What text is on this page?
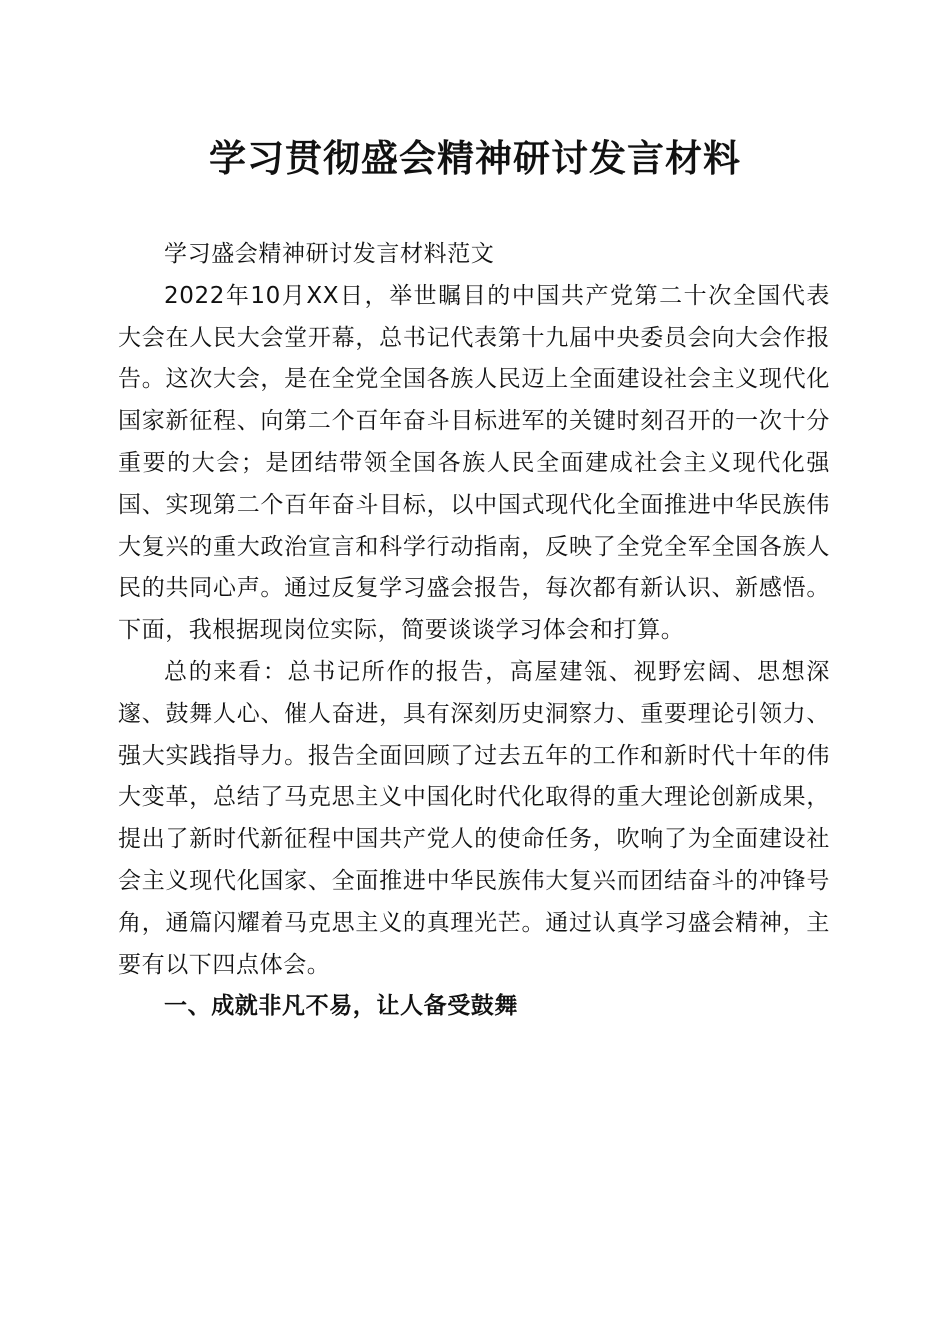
学习贯彻盛会精神研讨发言材料

学习盛会精神研讨发言材料范文

2022年10月XX日，举世瞩目的中国共产党第二十次全国代表大会在人民大会堂开幕，总书记代表第十九届中央委员会向大会作报告。这次大会，是在全党全国各族人民迈上全面建设社会主义现代化国家新征程、向第二个百年奋斗目标进军的关键时刻召开的一次十分重要的大会；是团结带领全国各族人民全面建成社会主义现代化强国、实现第二个百年奋斗目标，以中国式现代化全面推进中华民族伟大复兴的重大政治宣言和科学行动指南，反映了全党全军全国各族人民的共同心声。通过反复学习盛会报告，每次都有新认识、新感悟。下面，我根据现岗位实际，简要谈谈学习体会和打算。

总的来看：总书记所作的报告，高屋建瓴、视野宏阔、思想深邃、鼓舞人心、催人奋进，具有深刻历史洞察力、重要理论引领力、强大实践指导力。报告全面回顾了过去五年的工作和新时代十年的伟大变革，总结了马克思主义中国化时代化取得的重大理论创新成果，提出了新时代新征程中国共产党人的使命任务，吹响了为全面建设社会主义现代化国家、全面推进中华民族伟大复兴而团结奋斗的冲锋号角，通篇闪耀着马克思主义的真理光芒。通过认真学习盛会精神，主要有以下四点体会。

一、成就非凡不易，让人备受鼓舞
